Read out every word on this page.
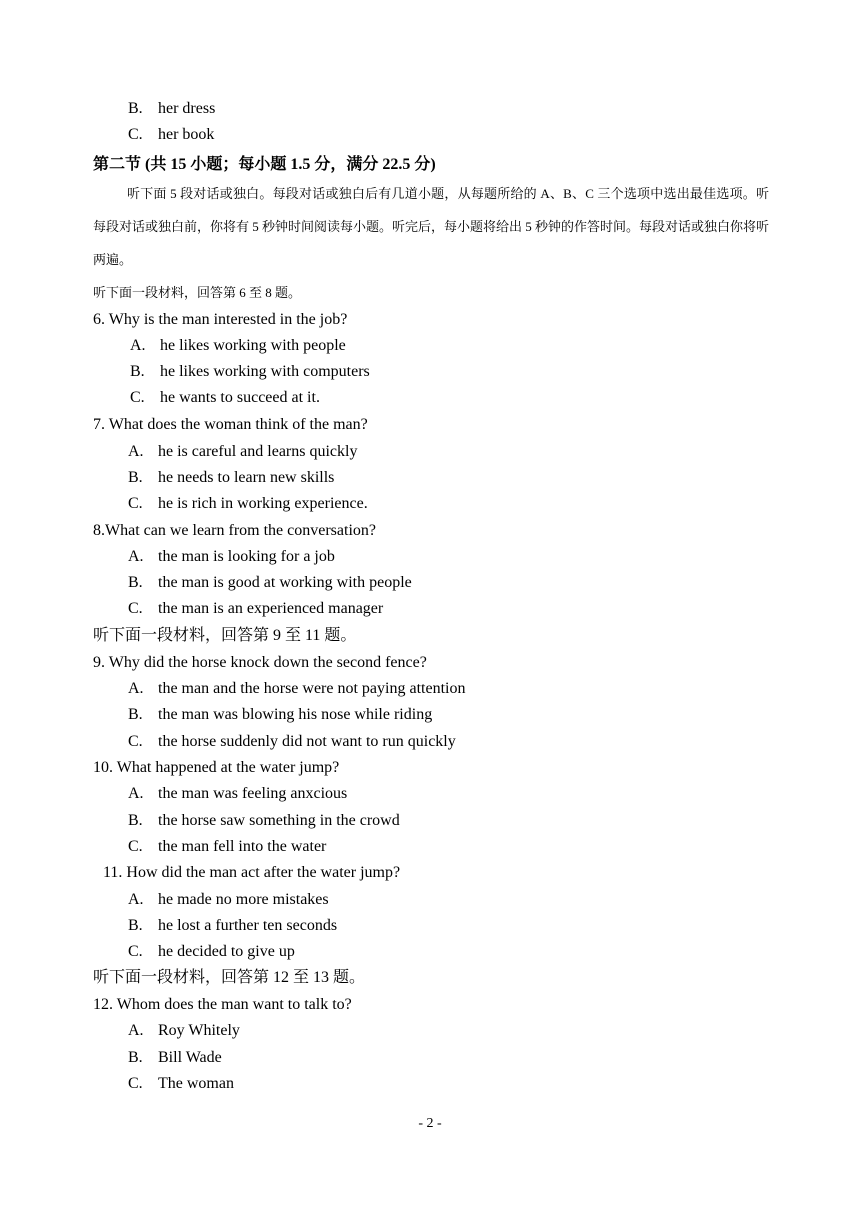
B. her dress
C. her book
第二节 (共 15 小题；每小题 1.5 分，满分 22.5 分)
听下面 5 段对话或独白。每段对话或独白后有几道小题，从每题所给的 A、B、C 三个选项中选出最佳选项。听每段对话或独白前，你将有 5 秒钟时间阅读每小题。听完后，每小题将给出 5 秒钟的作答时间。每段对话或独白你将听两遍。
听下面一段材料，回答第 6 至 8 题。
6. Why is the man interested in the job?
A. he likes working with people
B. he likes working with computers
C. he wants to succeed at it.
7. What does the woman think of the man?
A. he is careful and learns quickly
B. he needs to learn new skills
C. he is rich in working experience.
8.What can we learn from the conversation?
A. the man is looking for a job
B. the man is good at working with people
C. the man is an experienced manager
听下面一段材料，回答第 9 至 11 题。
9. Why did the horse knock down the second fence?
A. the man and the horse were not paying attention
B. the man was blowing his nose while riding
C. the horse suddenly did not want to run quickly
10. What happened at the water jump?
A. the man was feeling anxcious
B. the horse saw something in the crowd
C. the man fell into the water
11. How did the man act after the water jump?
A. he made no more mistakes
B. he lost a further ten seconds
C. he decided to give up
听下面一段材料，回答第 12 至 13 题。
12. Whom does the man want to talk to?
A. Roy Whitely
B. Bill Wade
C. The woman
- 2 -
